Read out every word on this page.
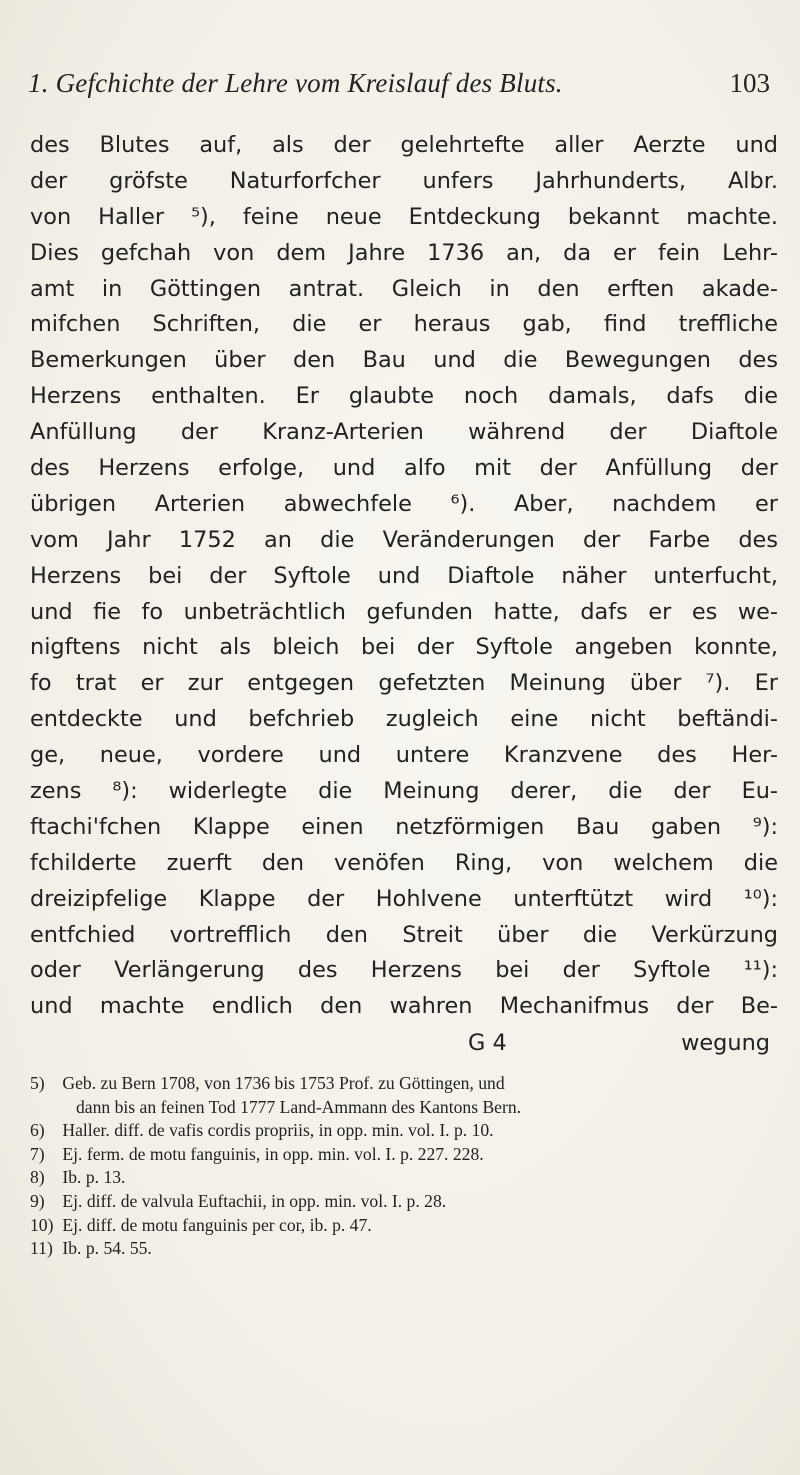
1. Gefchichte der Lehre vom Kreislauf des Bluts.	103
des Blutes auf, als der gelehrtefte aller Aerzte und
der gröfste Naturforfcher unfers Jahrhunderts, Albr.
von Haller ⁵), feine neue Entdeckung bekannt machte.
Dies gefchah von dem Jahre 1736 an, da er fein Lehr-
amt in Göttingen antrat. Gleich in den erften akade-
mifchen Schriften, die er heraus gab, find treffliche
Bemerkungen über den Bau und die Bewegungen des
Herzens enthalten. Er glaubte noch damals, dafs die
Anfüllung der Kranz-Arterien während der Diaftole
des Herzens erfolge, und alfo mit der Anfüllung der
übrigen Arterien abwechfele ⁶). Aber, nachdem er
vom Jahr 1752 an die Veränderungen der Farbe des
Herzens bei der Syftole und Diaftole näher unterfucht,
und fie fo unbeträchtlich gefunden hatte, dafs er es we-
nigftens nicht als bleich bei der Syftole angeben konnte,
fo trat er zur entgegen gefetzten Meinung über ⁷). Er
entdeckte und befchrieb zugleich eine nicht beftändi-
ge, neue, vordere und untere Kranzvene des Her-
zens ⁸): widerlegte die Meinung derer, die der Eu-
ftachi'fchen Klappe einen netzförmigen Bau gaben ⁹):
fchilderte zuerft den venöfen Ring, von welchem die
dreizipfelige Klappe der Hohlvene unterftützt wird ¹⁰):
entfchied vortrefflich den Streit über die Verkürzung
oder Verlängerung des Herzens bei der Syftole ¹¹):
und machte endlich den wahren Mechanifmus der Be-
G 4	wegung
5) Geb. zu Bern 1708, von 1736 bis 1753 Prof. zu Göttingen, und
dann bis an feinen Tod 1777 Land-Ammann des Kantons Bern.
6) Haller. diff. de vafis cordis propriis, in opp. min. vol. I. p. 10.
7) Ej. ferm. de motu fanguinis, in opp. min. vol. I. p. 227. 228.
8) Ib. p. 13.
9) Ej. diff. de valvula Euftachii, in opp. min. vol. I. p. 28.
10) Ej. diff. de motu fanguinis per cor, ib. p. 47.
11) Ib. p. 54. 55.
